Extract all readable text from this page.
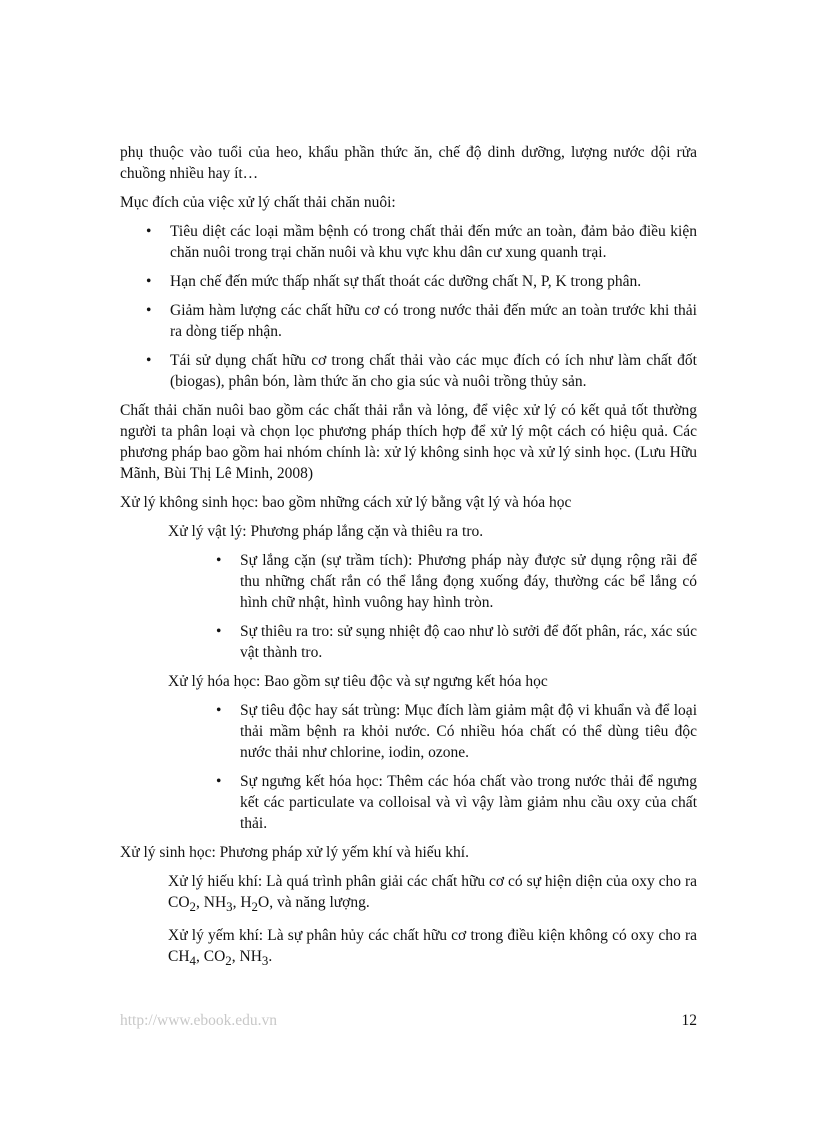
phụ thuộc vào tuổi của heo, khẩu phần thức ăn, chế độ dinh dưỡng, lượng nước dội rửa chuồng nhiều hay ít…

Mục đích của việc xử lý chất thải chăn nuôi:

• Tiêu diệt các loại mầm bệnh có trong chất thải đến mức an toàn, đảm bảo điều kiện chăn nuôi trong trại chăn nuôi và khu vực khu dân cư xung quanh trại.
• Hạn chế đến mức thấp nhất sự thất thoát các dưỡng chất N, P, K trong phân.
• Giảm hàm lượng các chất hữu cơ có trong nước thải đến mức an toàn trước khi thải ra dòng tiếp nhận.
• Tái sử dụng chất hữu cơ trong chất thải vào các mục đích có ích như làm chất đốt (biogas), phân bón, làm thức ăn cho gia súc và nuôi trồng thủy sản.

Chất thải chăn nuôi bao gồm các chất thải rắn và lỏng, để việc xử lý có kết quả tốt thường người ta phân loại và chọn lọc phương pháp thích hợp để xử lý một cách có hiệu quả. Các phương pháp bao gồm hai nhóm chính là: xử lý không sinh học và xử lý sinh học. (Lưu Hữu Mãnh, Bùi Thị Lê Minh, 2008)

Xử lý không sinh học: bao gồm những cách xử lý bằng vật lý và hóa học

Xử lý vật lý: Phương pháp lắng cặn và thiêu ra tro.

• Sự lắng cặn (sự trầm tích): Phương pháp này được sử dụng rộng rãi để thu những chất rắn có thể lắng đọng xuống đáy, thường các bể lắng có hình chữ nhật, hình vuông hay hình tròn.
• Sự thiêu ra tro: sử sụng nhiệt độ cao như lò sưởi để đốt phân, rác, xác súc vật thành tro.

Xử lý hóa học: Bao gồm sự tiêu độc và sự ngưng kết hóa học

• Sự tiêu độc hay sát trùng: Mục đích làm giảm mật độ vi khuẩn và để loại thải mầm bệnh ra khỏi nước. Có nhiều hóa chất có thể dùng tiêu độc nước thải như chlorine, iodin, ozone.
• Sự ngưng kết hóa học: Thêm các hóa chất vào trong nước thải để ngưng kết các particulate va colloisal và vì vậy làm giảm nhu cầu oxy của chất thải.

Xử lý sinh học: Phương pháp xử lý yếm khí và hiếu khí.

Xử lý hiếu khí: Là quá trình phân giải các chất hữu cơ có sự hiện diện của oxy cho ra $CO_2$, $NH_3$, $H_2O$, và năng lượng.

Xử lý yếm khí: Là sự phân hủy các chất hữu cơ trong điều kiện không có oxy cho ra $CH_4$, $CO_2$, $NH_3$.

http://www.ebook.edu.vn	12
